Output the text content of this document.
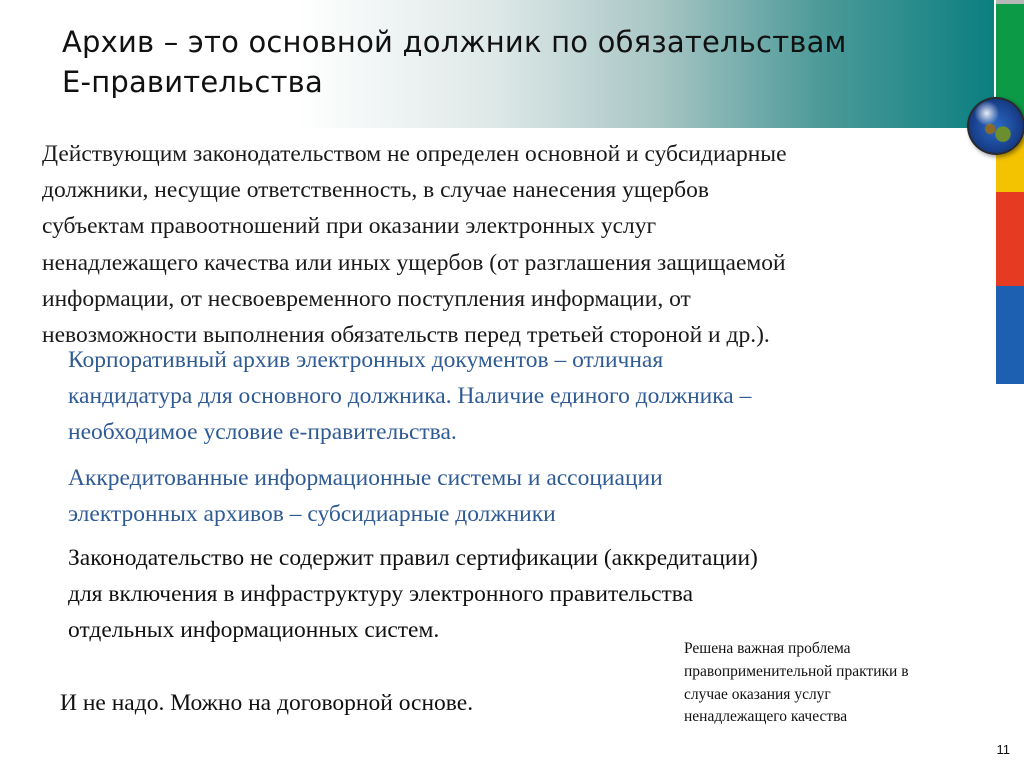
Архив – это основной должник по обязательствам
Е-правительства
Действующим законодательством не определен основной и субсидиарные
должники, несущие ответственность, в случае нанесения ущербов
субъектам правоотношений при оказании электронных услуг
ненадлежащего качества или иных ущербов (от разглашения защищаемой
информации, от несвоевременного поступления информации, от
невозможности выполнения обязательств перед третьей стороной и др.).
Корпоративный архив электронных документов – отличная
кандидатура для основного должника. Наличие единого должника –
необходимое условие е-правительства.
Аккредитованные информационные системы и ассоциации
электронных архивов – субсидиарные должники
Законодательство не содержит правил сертификации (аккредитации)
для включения в инфраструктуру электронного правительства
отдельных информационных систем.
Решена важная проблема
правоприменительной практики в
случае оказания услуг
ненадлежащего качества
И не надо. Можно на договорной основе.
11
